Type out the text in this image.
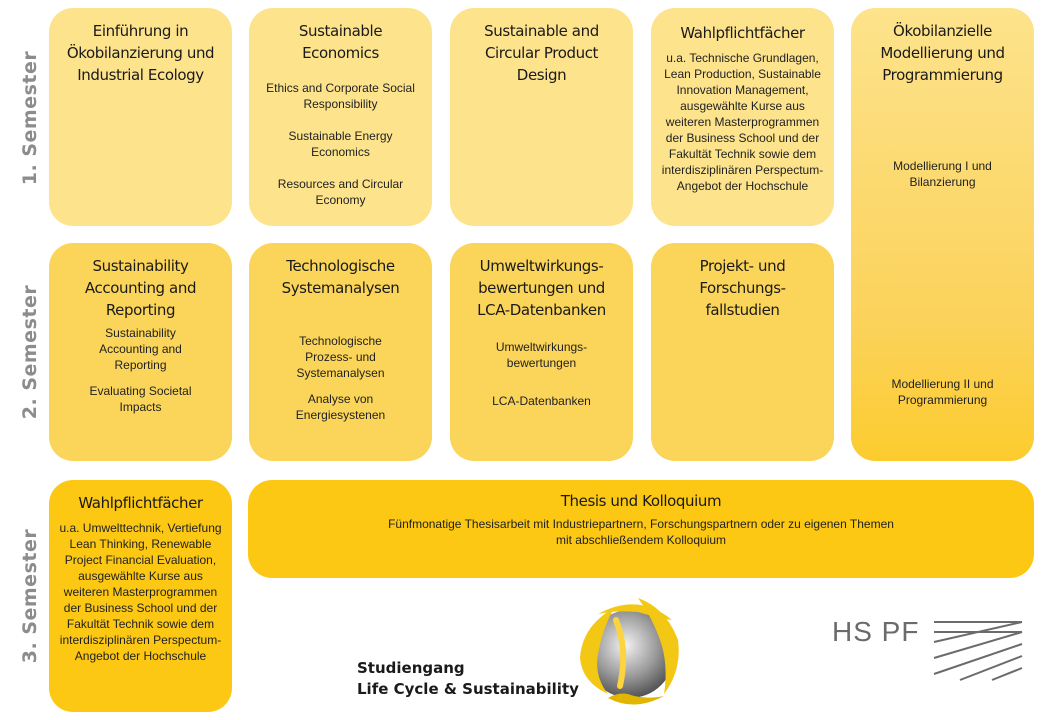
1. Semester
2. Semester
3. Semester
Einführung in Ökobilanzierung und Industrial Ecology
Sustainable Economics
Ethics and Corporate Social Responsibility
Sustainable Energy Economics
Resources and Circular Economy
Sustainable and Circular Product Design
Wahlpflichtfächer
u.a. Technische Grundlagen, Lean Production, Sustainable Innovation Management, ausgewählte Kurse aus weiteren Masterprogrammen der Business School und der Fakultät Technik sowie dem interdisziplinären Perspectum-Angebot der Hochschule
Ökobilanzielle Modellierung und Programmierung
Modellierung I und Bilanzierung
Modellierung II und Programmierung
Sustainability Accounting and Reporting
Sustainability Accounting and Reporting
Evaluating Societal Impacts
Technologische Systemanalysen
Technologische Prozess- und Systemanalysen
Analyse von Energiesystenen
Umweltwirkungs-bewertungen und LCA-Datenbanken
Umweltwirkungs-bewertungen
LCA-Datenbanken
Projekt- und Forschungs-fallstudien
Wahlpflichtfächer
u.a. Umwelttechnik, Vertiefung Lean Thinking, Renewable Project Financial Evaluation, ausgewählte Kurse aus weiteren Masterprogrammen der Business School und der Fakultät Technik sowie dem interdisziplinären Perspectum-Angebot der Hochschule
Thesis und Kolloquium
Fünfmonatige Thesisarbeit mit Industriepartnern, Forschungspartnern oder zu eigenen Themen mit abschließendem Kolloquium
Studiengang
Life Cycle & Sustainability
HS PF
